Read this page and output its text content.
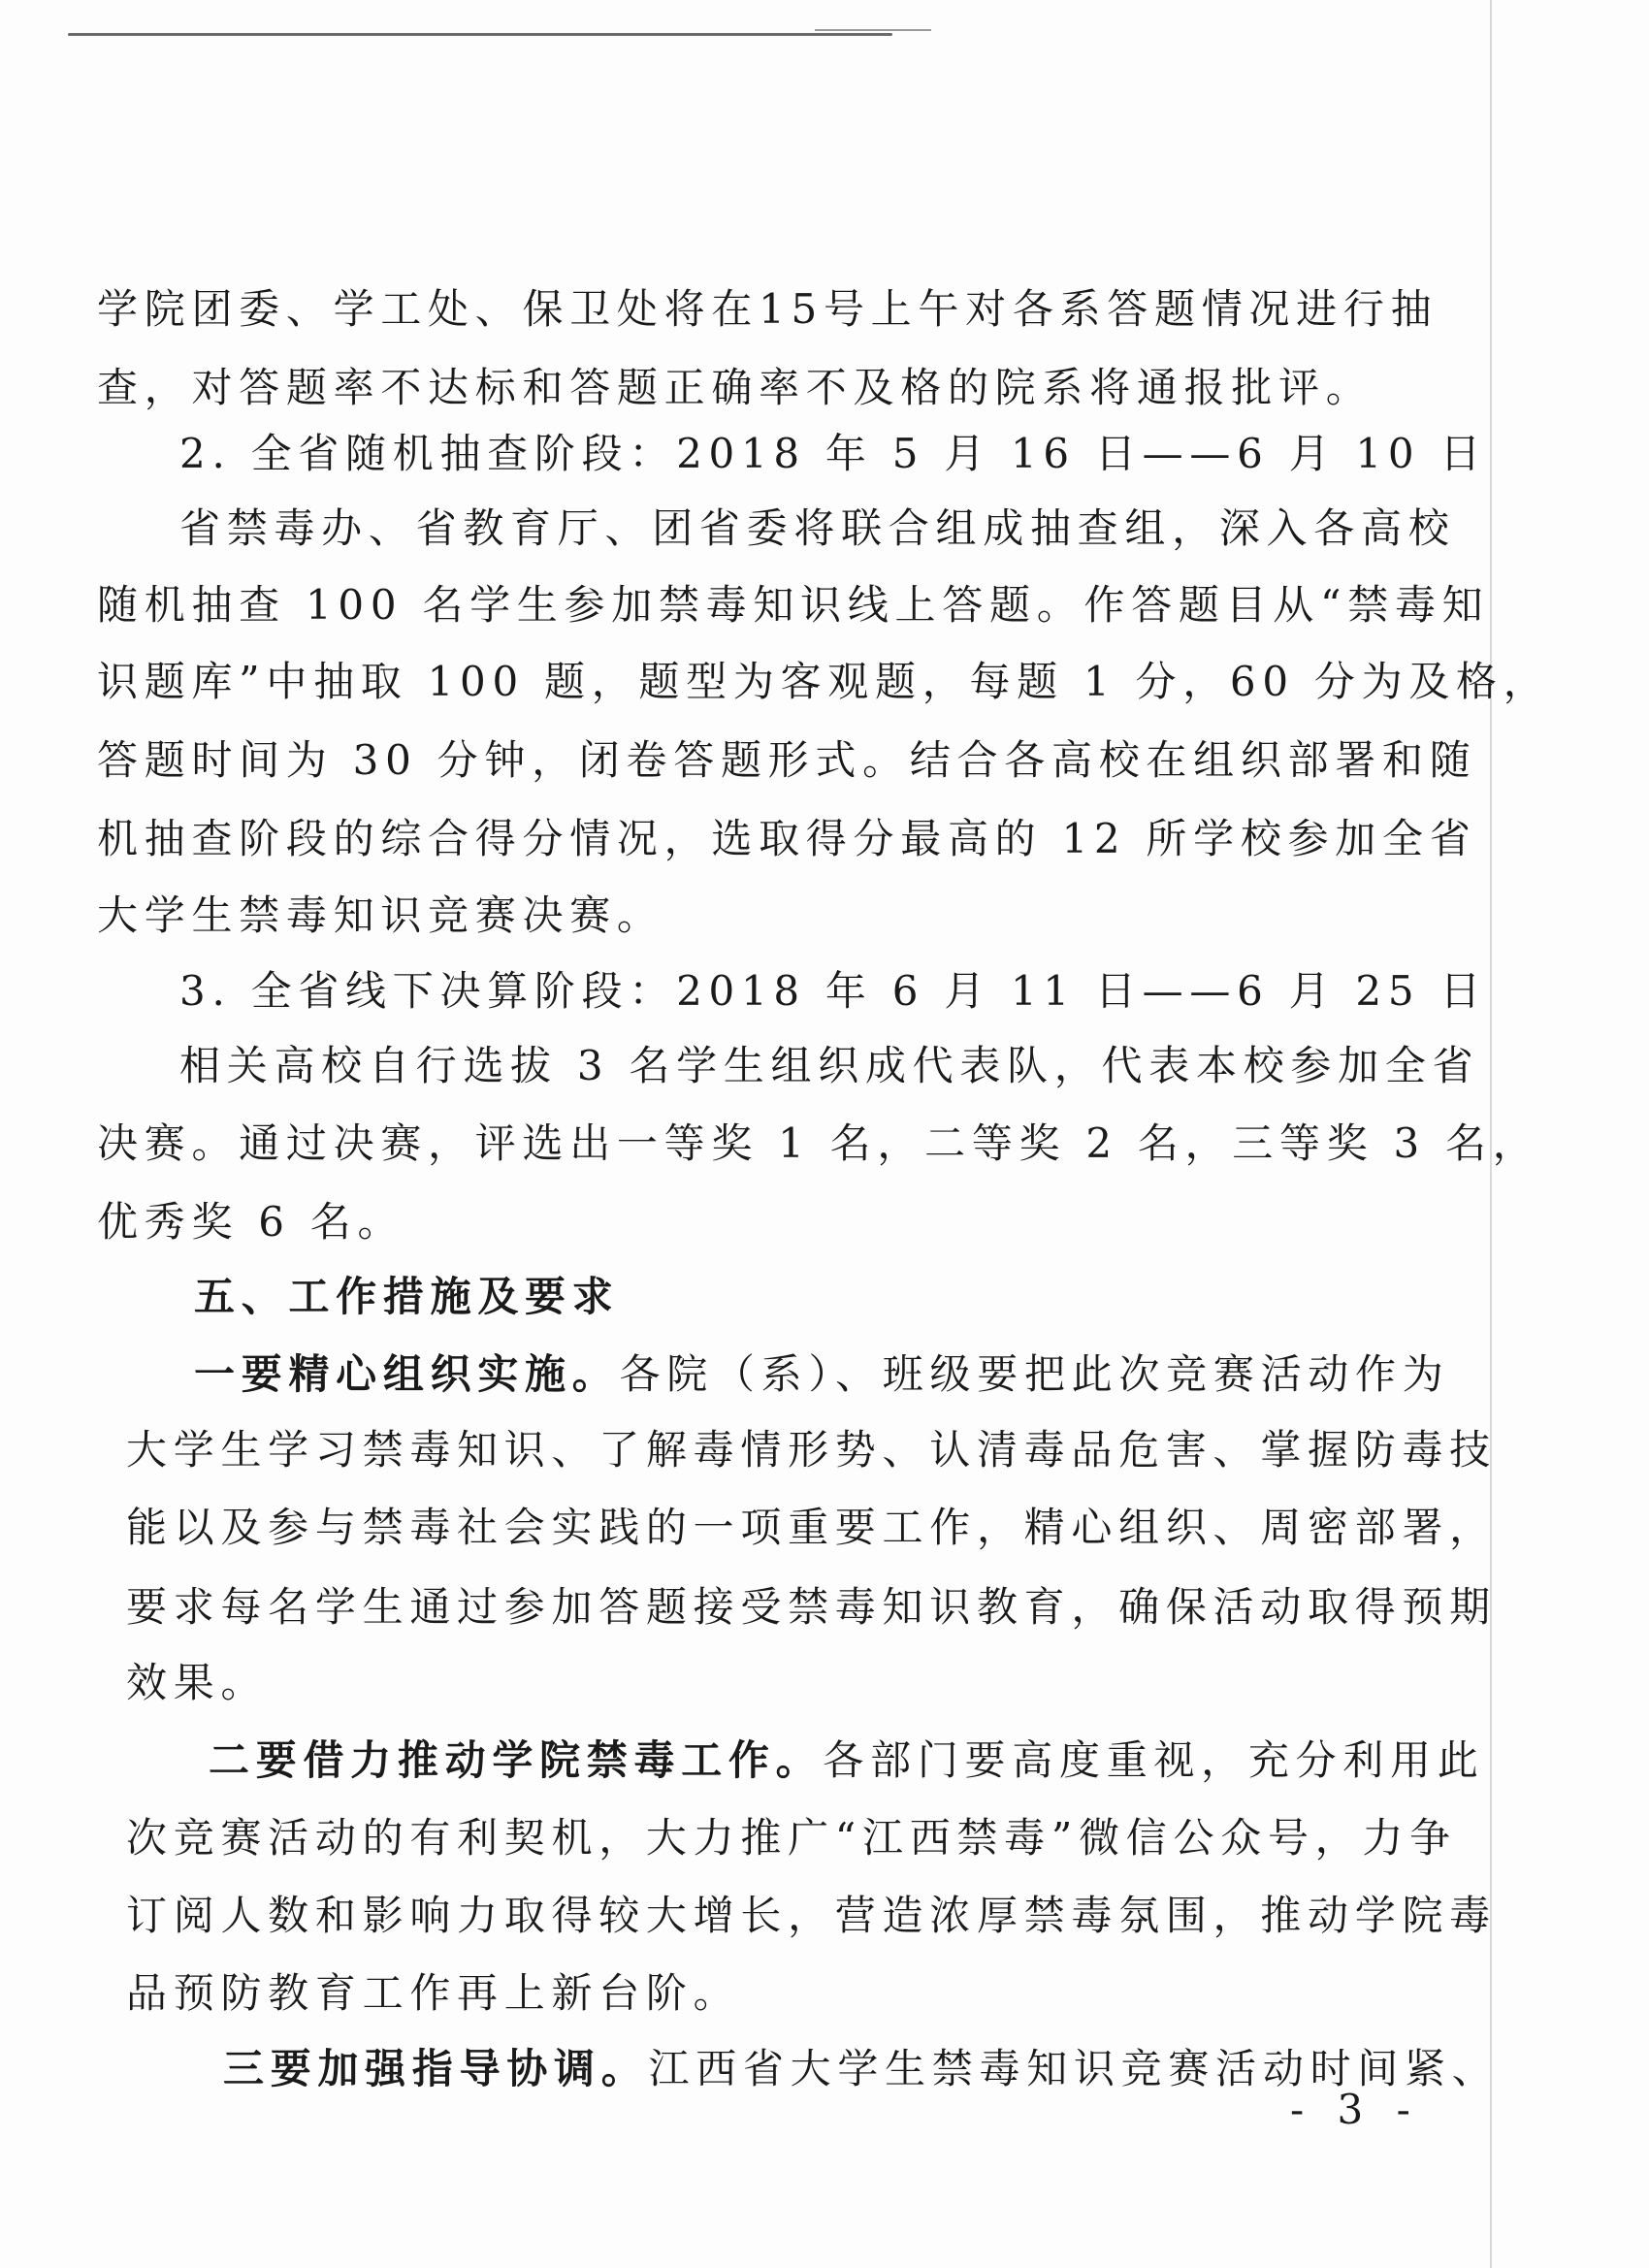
学院团委、学工处、保卫处将在15号上午对各系答题情况进行抽
查，对答题率不达标和答题正确率不及格的院系将通报批评。
2. 全省随机抽查阶段：2018 年 5 月 16 日——6 月 10 日
省禁毒办、省教育厅、团省委将联合组成抽查组，深入各高校
随机抽查 100 名学生参加禁毒知识线上答题。作答题目从“禁毒知
识题库”中抽取 100 题，题型为客观题，每题 1 分，60 分为及格，
答题时间为 30 分钟，闭卷答题形式。结合各高校在组织部署和随
机抽查阶段的综合得分情况，选取得分最高的 12 所学校参加全省
大学生禁毒知识竞赛决赛。
3. 全省线下决算阶段：2018 年 6 月 11 日——6 月 25 日
相关高校自行选拔 3 名学生组织成代表队，代表本校参加全省
决赛。通过决赛，评选出一等奖 1 名，二等奖 2 名，三等奖 3 名，
优秀奖 6 名。
五、工作措施及要求
一要精心组织实施。各院（系）、班级要把此次竞赛活动作为
大学生学习禁毒知识、了解毒情形势、认清毒品危害、掌握防毒技
能以及参与禁毒社会实践的一项重要工作，精心组织、周密部署，
要求每名学生通过参加答题接受禁毒知识教育，确保活动取得预期
效果。
二要借力推动学院禁毒工作。各部门要高度重视，充分利用此
次竞赛活动的有利契机，大力推广“江西禁毒”微信公众号，力争
订阅人数和影响力取得较大增长，营造浓厚禁毒氛围，推动学院毒
品预防教育工作再上新台阶。
三要加强指导协调。江西省大学生禁毒知识竞赛活动时间紧、
- 3 -
